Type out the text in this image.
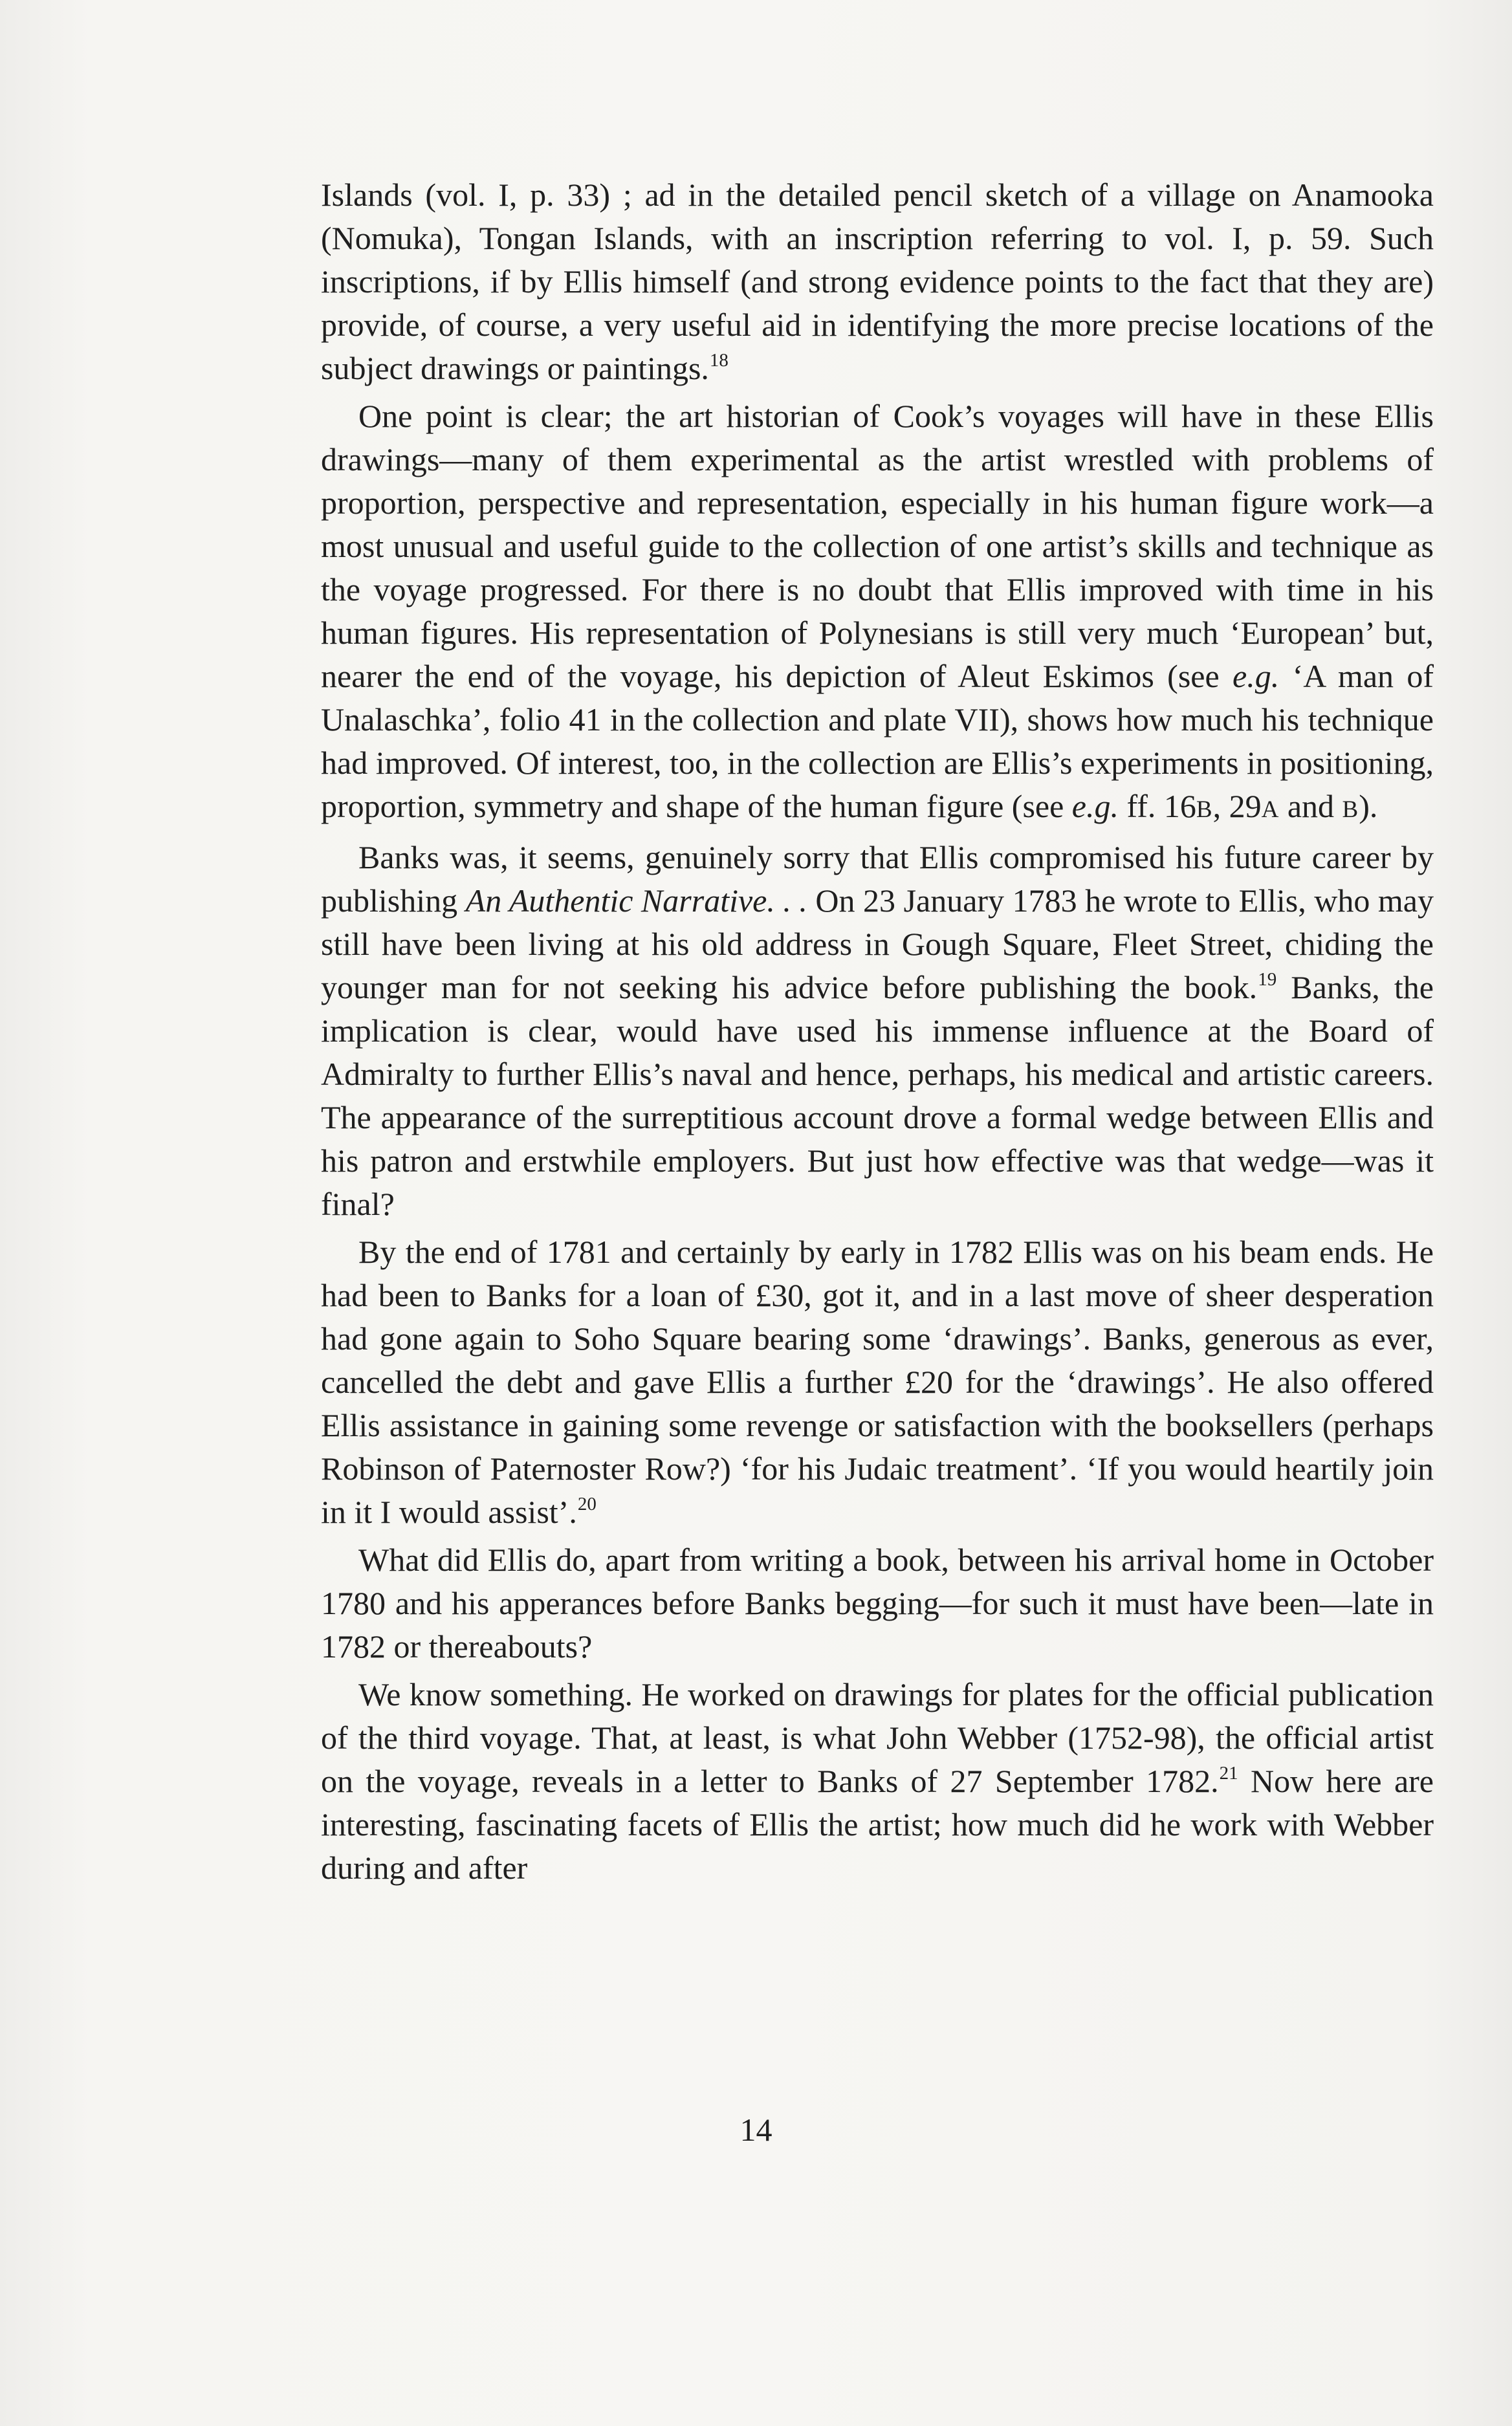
Islands (vol. I, p. 33) ; ad in the detailed pencil sketch of a village on Anamooka (Nomuka), Tongan Islands, with an inscription referring to vol. I, p. 59. Such inscriptions, if by Ellis himself (and strong evidence points to the fact that they are) provide, of course, a very useful aid in identifying the more precise locations of the subject drawings or paintings.$^{18}$

One point is clear; the art historian of Cook’s voyages will have in these Ellis drawings—many of them experimental as the artist wrestled with problems of proportion, perspective and representation, especially in his human figure work—a most unusual and useful guide to the collection of one artist’s skills and technique as the voyage progressed. For there is no doubt that Ellis improved with time in his human figures. His representation of Polynesians is still very much ‘European’ but, nearer the end of the voyage, his depiction of Aleut Eskimos (see e.g. ‘A man of Unalaschka’, folio 41 in the collection and plate VII), shows how much his technique had improved. Of interest, too, in the collection are Ellis’s experiments in positioning, proportion, symmetry and shape of the human figure (see e.g. ff. 16B, 29A and B).

Banks was, it seems, genuinely sorry that Ellis compromised his future career by publishing An Authentic Narrative. . . On 23 January 1783 he wrote to Ellis, who may still have been living at his old address in Gough Square, Fleet Street, chiding the younger man for not seeking his advice before publishing the book.$^{19}$ Banks, the implication is clear, would have used his immense influence at the Board of Admiralty to further Ellis’s naval and hence, perhaps, his medical and artistic careers. The appearance of the surreptitious account drove a formal wedge between Ellis and his patron and erstwhile employers. But just how effective was that wedge—was it final?

By the end of 1781 and certainly by early in 1782 Ellis was on his beam ends. He had been to Banks for a loan of £30, got it, and in a last move of sheer desperation had gone again to Soho Square bearing some ‘drawings’. Banks, generous as ever, cancelled the debt and gave Ellis a further £20 for the ‘drawings’. He also offered Ellis assistance in gaining some revenge or satisfaction with the booksellers (perhaps Robinson of Paternoster Row?) ‘for his Judaic treatment’. ‘If you would heartily join in it I would assist’.$^{20}$

What did Ellis do, apart from writing a book, between his arrival home in October 1780 and his apperances before Banks begging—for such it must have been—late in 1782 or thereabouts?

We know something. He worked on drawings for plates for the official publication of the third voyage. That, at least, is what John Webber (1752-98), the official artist on the voyage, reveals in a letter to Banks of 27 September 1782.21 Now here are interesting, fascinating facets of Ellis the artist; how much did he work with Webber during and after

14
